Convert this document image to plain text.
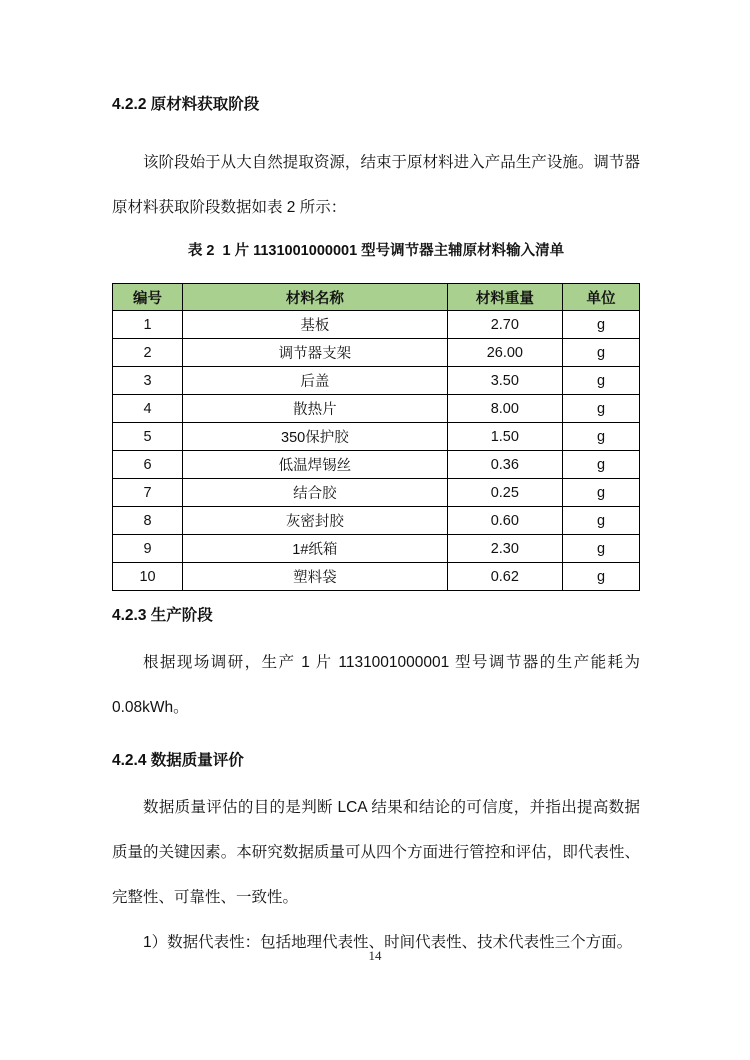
4.2.2 原材料获取阶段

该阶段始于从大自然提取资源，结束于原材料进入产品生产设施。调节器原材料获取阶段数据如表 2 所示：

表 2  1 片 1131001000001 型号调节器主辅原材料输入清单
编号	材料名称	材料重量	单位
1	基板	2.70	g
2	调节器支架	26.00	g
3	后盖	3.50	g
4	散热片	8.00	g
5	350保护胶	1.50	g
6	低温焊锡丝	0.36	g
7	结合胶	0.25	g
8	灰密封胶	0.60	g
9	1#纸箱	2.30	g
10	塑料袋	0.62	g

4.2.3 生产阶段

根据现场调研，生产 1 片 1131001000001 型号调节器的生产能耗为 0.08kWh。

4.2.4 数据质量评价

数据质量评估的目的是判断 LCA 结果和结论的可信度，并指出提高数据质量的关键因素。本研究数据质量可从四个方面进行管控和评估，即代表性、完整性、可靠性、一致性。

1）数据代表性：包括地理代表性、时间代表性、技术代表性三个方面。

14
